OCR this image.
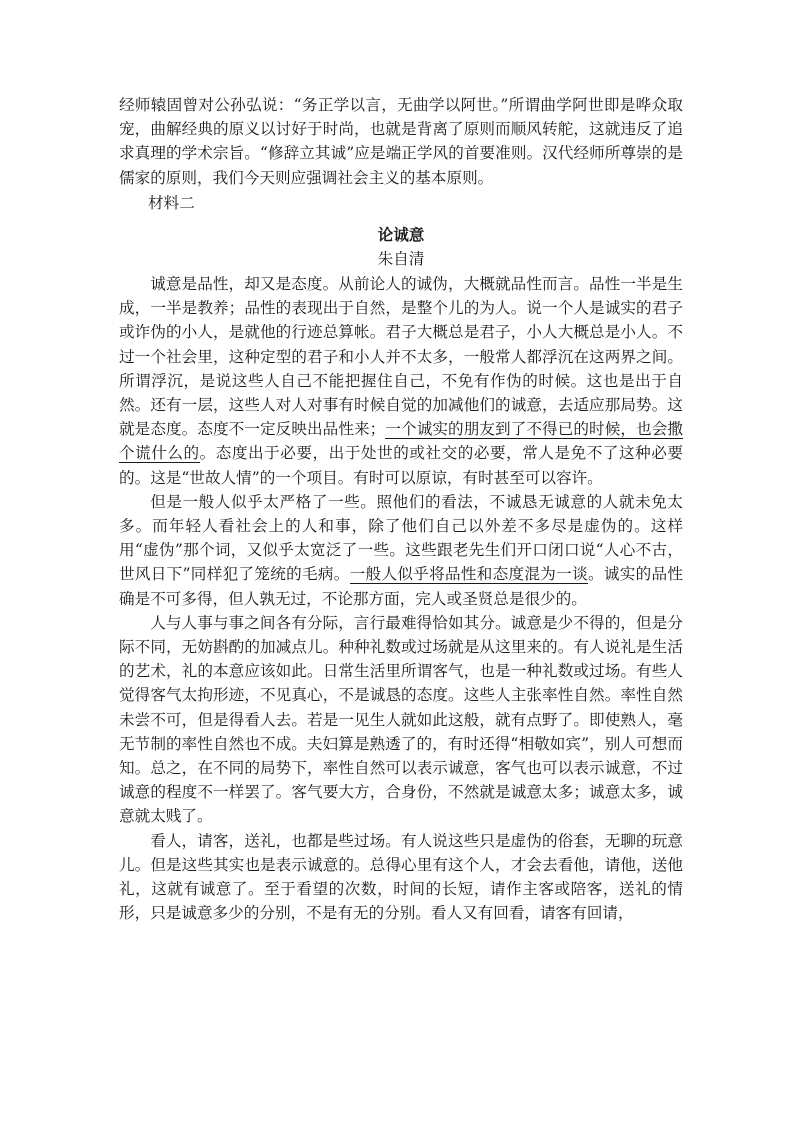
经师辕固曾对公孙弘说：“务正学以言，无曲学以阿世。”所谓曲学阿世即是哗众取宠，曲解经典的原义以讨好于时尚，也就是背离了原则而顺风转舵，这就违反了追求真理的学术宗旨。“修辞立其诚”应是端正学风的首要准则。汉代经师所尊崇的是儒家的原则，我们今天则应强调社会主义的基本原则。

材料二

论诚意

朱自清

诚意是品性，却又是态度。从前论人的诚伪，大概就品性而言。品性一半是生成，一半是教养；品性的表现出于自然，是整个儿的为人。说一个人是诚实的君子或诈伪的小人，是就他的行迹总算帐。君子大概总是君子，小人大概总是小人。不过一个社会里，这种定型的君子和小人并不太多，一般常人都浮沉在这两界之间。所谓浮沉，是说这些人自己不能把握住自己，不免有作伪的时候。这也是出于自然。还有一层，这些人对人对事有时候自觉的加减他们的诚意，去适应那局势。这就是态度。态度不一定反映出品性来；一个诚实的朋友到了不得已的时候，也会撒个谎什么的。态度出于必要，出于处世的或社交的必要，常人是免不了这种必要的。这是“世故人情”的一个项目。有时可以原谅，有时甚至可以容许。

但是一般人似乎太严格了一些。照他们的看法，不诚恳无诚意的人就未免太多。而年轻人看社会上的人和事，除了他们自己以外差不多尽是虚伪的。这样用“虚伪”那个词，又似乎太宽泛了一些。这些跟老先生们开口闭口说“人心不古，世风日下”同样犯了笼统的毛病。一般人似乎将品性和态度混为一谈。诚实的品性确是不可多得，但人孰无过，不论那方面，完人或圣贤总是很少的。

人与人事与事之间各有分际，言行最难得恰如其分。诚意是少不得的，但是分际不同，无妨斟酌的加减点儿。种种礼数或过场就是从这里来的。有人说礼是生活的艺术，礼的本意应该如此。日常生活里所谓客气，也是一种礼数或过场。有些人觉得客气太拘形迹，不见真心，不是诚恳的态度。这些人主张率性自然。率性自然未尝不可，但是得看人去。若是一见生人就如此这般，就有点野了。即使熟人，毫无节制的率性自然也不成。夫妇算是熟透了的，有时还得“相敬如宾”，别人可想而知。总之，在不同的局势下，率性自然可以表示诚意，客气也可以表示诚意，不过诚意的程度不一样罢了。客气要大方，合身份，不然就是诚意太多；诚意太多，诚意就太贱了。

看人，请客，送礼，也都是些过场。有人说这些只是虚伪的俗套，无聊的玩意儿。但是这些其实也是表示诚意的。总得心里有这个人，才会去看他，请他，送他礼，这就有诚意了。至于看望的次数，时间的长短，请作主客或陪客，送礼的情形，只是诚意多少的分别，不是有无的分别。看人又有回看，请客有回请，
